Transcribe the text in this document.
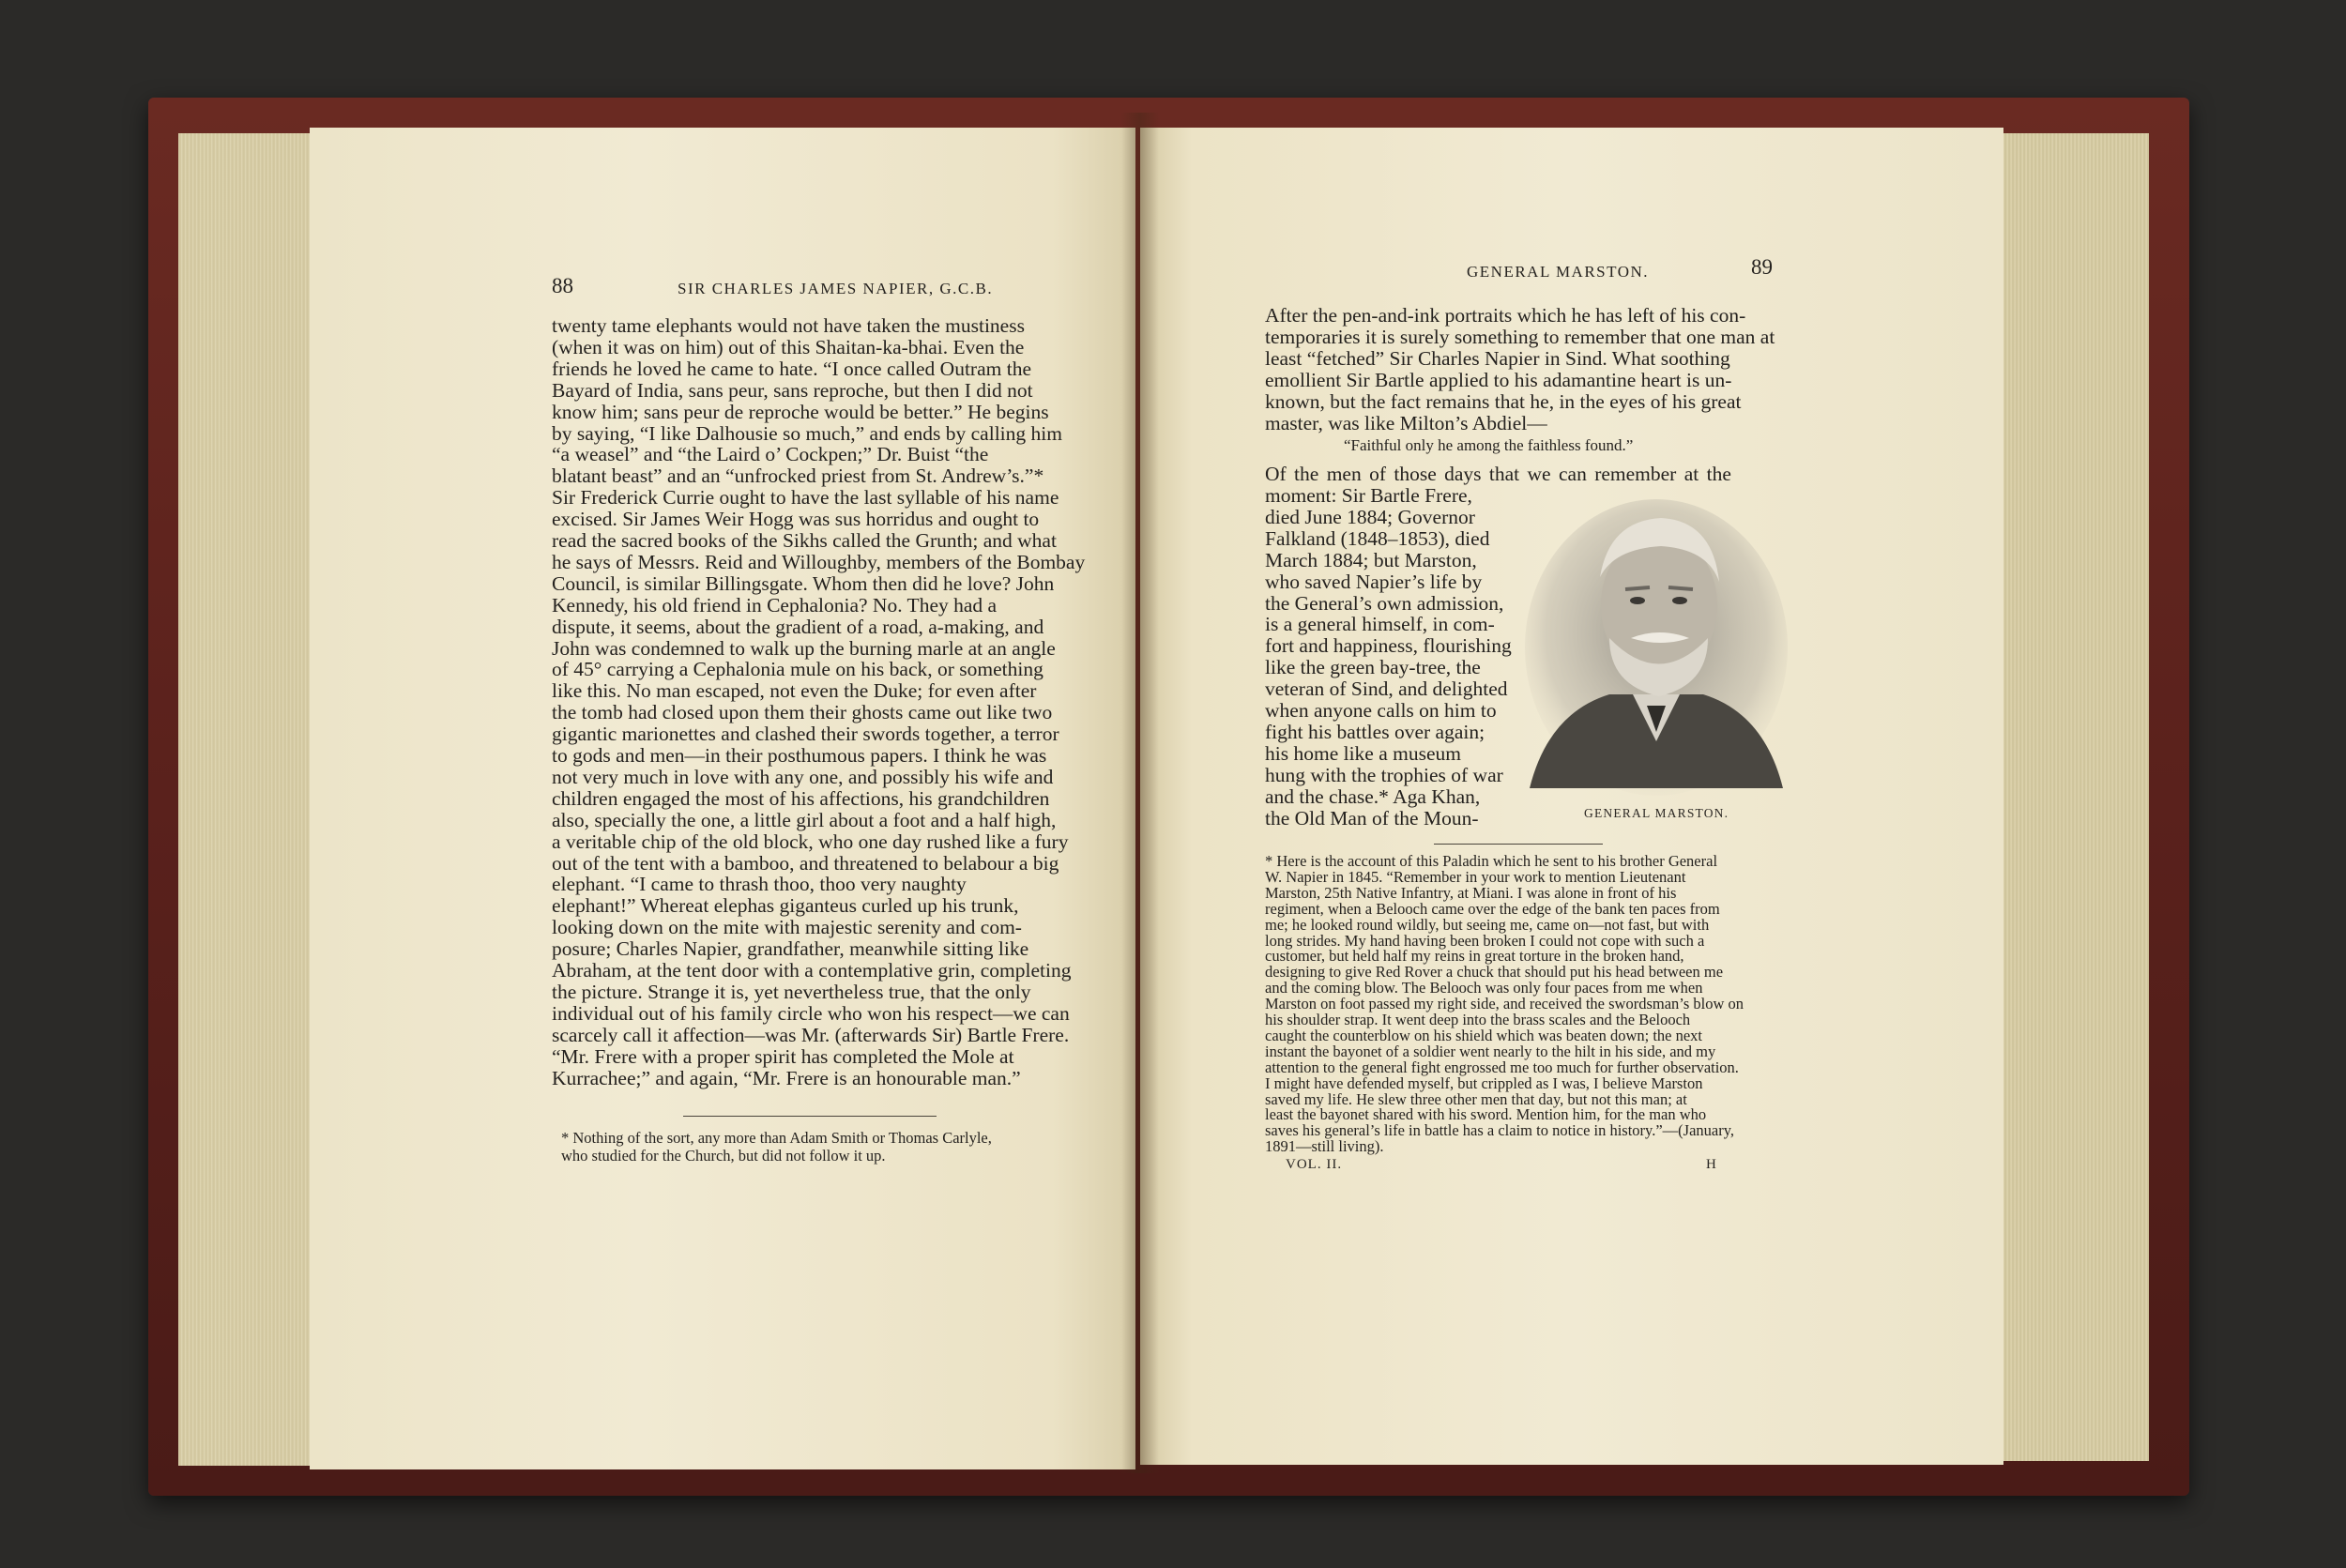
88	SIR CHARLES JAMES NAPIER, G.C.B.
twenty tame elephants would not have taken the mustiness
(when it was on him) out of this Shaitan-ka-bhai. Even the
friends he loved he came to hate. “I once called Outram the
Bayard of India, sans peur, sans reproche, but then I did not
know him; sans peur de reproche would be better.” He begins
by saying, “I like Dalhousie so much,” and ends by calling him
“a weasel” and “the Laird o’ Cockpen;” Dr. Buist “the
blatant beast” and an “unfrocked priest from St. Andrew’s.”*
Sir Frederick Currie ought to have the last syllable of his name
excised. Sir James Weir Hogg was sus horridus and ought to
read the sacred books of the Sikhs called the Grunth; and what
he says of Messrs. Reid and Willoughby, members of the Bombay
Council, is similar Billingsgate. Whom then did he love? John
Kennedy, his old friend in Cephalonia? No. They had a
dispute, it seems, about the gradient of a road, a-making, and
John was condemned to walk up the burning marle at an angle
of 45° carrying a Cephalonia mule on his back, or something
like this. No man escaped, not even the Duke; for even after
the tomb had closed upon them their ghosts came out like two
gigantic marionettes and clashed their swords together, a terror
to gods and men—in their posthumous papers. I think he was
not very much in love with any one, and possibly his wife and
children engaged the most of his affections, his grandchildren
also, specially the one, a little girl about a foot and a half high,
a veritable chip of the old block, who one day rushed like a fury
out of the tent with a bamboo, and threatened to belabour a big
elephant. “I came to thrash thoo, thoo very naughty
elephant!” Whereat elephas giganteus curled up his trunk,
looking down on the mite with majestic serenity and com-
posure; Charles Napier, grandfather, meanwhile sitting like
Abraham, at the tent door with a contemplative grin, completing
the picture. Strange it is, yet nevertheless true, that the only
individual out of his family circle who won his respect—we can
scarcely call it affection—was Mr. (afterwards Sir) Bartle Frere.
“Mr. Frere with a proper spirit has completed the Mole at
Kurrachee;” and again, “Mr. Frere is an honourable man.”
* Nothing of the sort, any more than Adam Smith or Thomas Carlyle,
who studied for the Church, but did not follow it up.
GENERAL MARSTON.	89
After the pen-and-ink portraits which he has left of his con-
temporaries it is surely something to remember that one man at
least “fetched” Sir Charles Napier in Sind. What soothing
emollient Sir Bartle applied to his adamantine heart is un-
known, but the fact remains that he, in the eyes of his great
master, was like Milton’s Abdiel—
“Faithful only he among the faithless found.”
Of the men of those days that we can remember at the
moment: Sir Bartle Frere,
died June 1884; Governor
Falkland (1848–1853), died
March 1884; but Marston,
who saved Napier’s life by
the General’s own admission,
is a general himself, in com-
fort and happiness, flourishing
like the green bay-tree, the
veteran of Sind, and delighted
when anyone calls on him to
fight his battles over again;
his home like a museum
hung with the trophies of war
and the chase.* Aga Khan,
the Old Man of the Moun-	GENERAL MARSTON.
* Here is the account of this Paladin which he sent to his brother General
W. Napier in 1845. “Remember in your work to mention Lieutenant
Marston, 25th Native Infantry, at Miani. I was alone in front of his
regiment, when a Belooch came over the edge of the bank ten paces from
me; he looked round wildly, but seeing me, came on—not fast, but with
long strides. My hand having been broken I could not cope with such a
customer, but held half my reins in great torture in the broken hand,
designing to give Red Rover a chuck that should put his head between me
and the coming blow. The Belooch was only four paces from me when
Marston on foot passed my right side, and received the swordsman’s blow on
his shoulder strap. It went deep into the brass scales and the Belooch
caught the counterblow on his shield which was beaten down; the next
instant the bayonet of a soldier went nearly to the hilt in his side, and my
attention to the general fight engrossed me too much for further observation.
I might have defended myself, but crippled as I was, I believe Marston
saved my life. He slew three other men that day, but not this man; at
least the bayonet shared with his sword. Mention him, for the man who
saves his general’s life in battle has a claim to notice in history.”—(January,
1891—still living).
VOL. II.	H
